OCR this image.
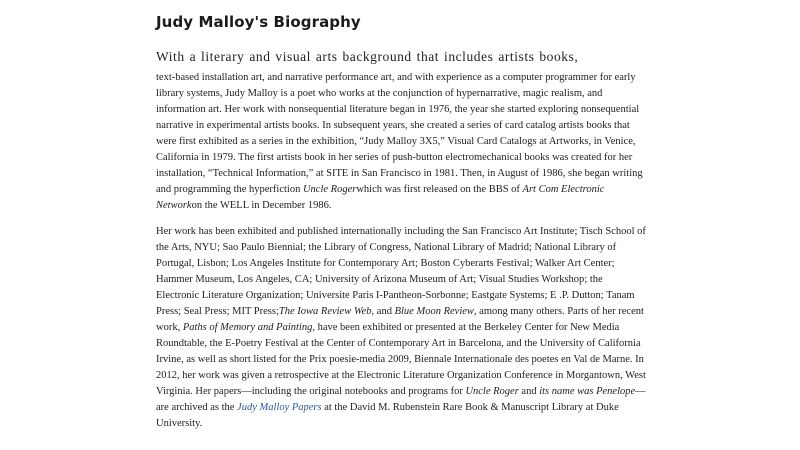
Judy Malloy's Biography
With a literary and visual arts background that includes artists books,

text-based installation art, and narrative performance art, and with experience as a computer programmer for early library systems, Judy Malloy is a poet who works at the conjunction of hypernarrative, magic realism, and information art. Her work with nonsequential literature began in 1976, the year she started exploring nonsequential narrative in experimental artists books. In subsequent years, she created a series of card catalog artists books that were first exhibited as a series in the exhibition, “Judy Malloy 3X5,” Visual Card Catalogs at Artworks, in Venice, California in 1979. The first artists book in her series of push-button electromechanical books was created for her installation, “Technical Information,” at SITE in San Francisco in 1981. Then, in August of 1986, she began writing and programming the hyperfiction Uncle Rogerwhich was first released on the BBS of Art Com Electronic Networkon the WELL in December 1986.

Her work has been exhibited and published internationally including the San Francisco Art Institute; Tisch School of the Arts, NYU; Sao Paulo Biennial; the Library of Congress, National Library of Madrid; National Library of Portugal, Lisbon; Los Angeles Institute for Contemporary Art; Boston Cyberarts Festival; Walker Art Center; Hammer Museum, Los Angeles, CA; University of Arizona Museum of Art; Visual Studies Workshop; the Electronic Literature Organization; Universite Paris I-Pantheon-Sorbonne; Eastgate Systems; E .P. Dutton; Tanam Press; Seal Press; MIT Press;The Iowa Review Web, and Blue Moon Review, among many others. Parts of her recent work, Paths of Memory and Painting, have been exhibited or presented at the Berkeley Center for New Media Roundtable, the E-Poetry Festival at the Center of Contemporary Art in Barcelona, and the University of California Irvine, as well as short listed for the Prix poesie-media 2009, Biennale Internationale des poetes en Val de Marne. In 2012, her work was given a retrospective at the Electronic Literature Organization Conference in Morgantown, West Virginia. Her papers––including the original notebooks and programs for Uncle Roger and its name was Penelope––are archived as the Judy Malloy Papers at the David M. Rubenstein Rare Book & Manuscript Library at Duke University.
